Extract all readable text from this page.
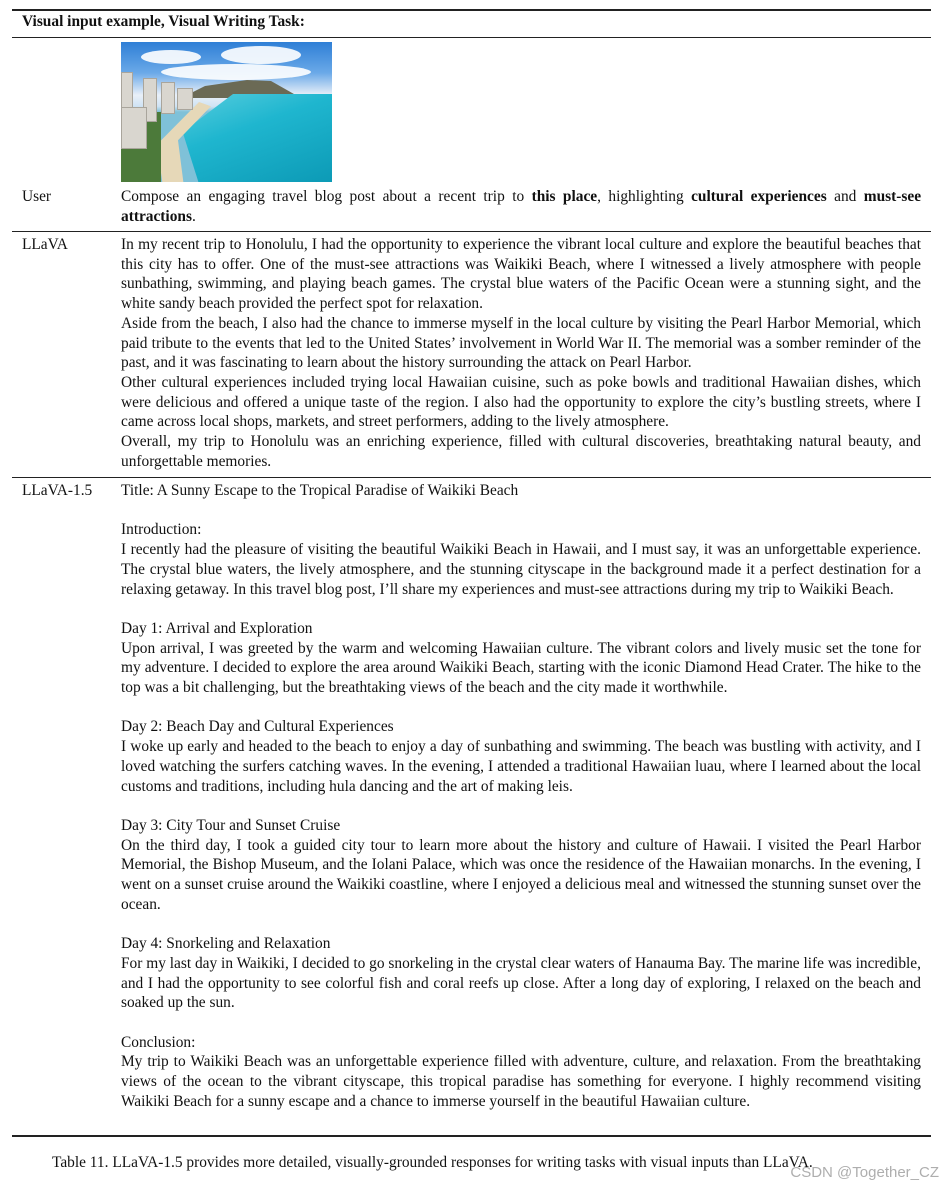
Visual input example, Visual Writing Task:
User	Compose an engaging travel blog post about a recent trip to this place, highlighting cultural experiences and must-see attractions.

LLaVA	In my recent trip to Honolulu, I had the opportunity to experience the vibrant local culture and explore the beautiful beaches that this city has to offer. One of the must-see attractions was Waikiki Beach, where I witnessed a lively atmosphere with people sunbathing, swimming, and playing beach games. The crystal blue waters of the Pacific Ocean were a stunning sight, and the white sandy beach provided the perfect spot for relaxation.

Aside from the beach, I also had the chance to immerse myself in the local culture by visiting the Pearl Harbor Memorial, which paid tribute to the events that led to the United States’ involvement in World War II. The memorial was a somber reminder of the past, and it was fascinating to learn about the history surrounding the attack on Pearl Harbor.

Other cultural experiences included trying local Hawaiian cuisine, such as poke bowls and traditional Hawaiian dishes, which were delicious and offered a unique taste of the region. I also had the opportunity to explore the city’s bustling streets, where I came across local shops, markets, and street performers, adding to the lively atmosphere.

Overall, my trip to Honolulu was an enriching experience, filled with cultural discoveries, breathtaking natural beauty, and unforgettable memories.

LLaVA-1.5 Title: A Sunny Escape to the Tropical Paradise of Waikiki Beach

Introduction:

I recently had the pleasure of visiting the beautiful Waikiki Beach in Hawaii, and I must say, it was an unforgettable experience. The crystal blue waters, the lively atmosphere, and the stunning cityscape in the background made it a perfect destination for a relaxing getaway. In this travel blog post, I’ll share my experiences and must-see attractions during my trip to Waikiki Beach.

Day 1: Arrival and Exploration

Upon arrival, I was greeted by the warm and welcoming Hawaiian culture. The vibrant colors and lively music set the tone for my adventure. I decided to explore the area around Waikiki Beach, starting with the iconic Diamond Head Crater. The hike to the top was a bit challenging, but the breathtaking views of the beach and the city made it worthwhile.

Day 2: Beach Day and Cultural Experiences

I woke up early and headed to the beach to enjoy a day of sunbathing and swimming. The beach was bustling with activity, and I loved watching the surfers catching waves. In the evening, I attended a traditional Hawaiian luau, where I learned about the local customs and traditions, including hula dancing and the art of making leis.

Day 3: City Tour and Sunset Cruise

On the third day, I took a guided city tour to learn more about the history and culture of Hawaii. I visited the Pearl Harbor Memorial, the Bishop Museum, and the Iolani Palace, which was once the residence of the Hawaiian monarchs. In the evening, I went on a sunset cruise around the Waikiki coastline, where I enjoyed a delicious meal and witnessed the stunning sunset over the ocean.

Day 4: Snorkeling and Relaxation

For my last day in Waikiki, I decided to go snorkeling in the crystal clear waters of Hanauma Bay. The marine life was incredible, and I had the opportunity to see colorful fish and coral reefs up close. After a long day of exploring, I relaxed on the beach and soaked up the sun.

Conclusion:

My trip to Waikiki Beach was an unforgettable experience filled with adventure, culture, and relaxation. From the breathtaking views of the ocean to the vibrant cityscape, this tropical paradise has something for everyone. I highly recommend visiting Waikiki Beach for a sunny escape and a chance to immerse yourself in the beautiful Hawaiian culture.

Table 11. LLaVA-1.5 provides more detailed, visually-grounded responses for writing tasks with visual inputs than LLaVA.
CSDN @Together_CZ
